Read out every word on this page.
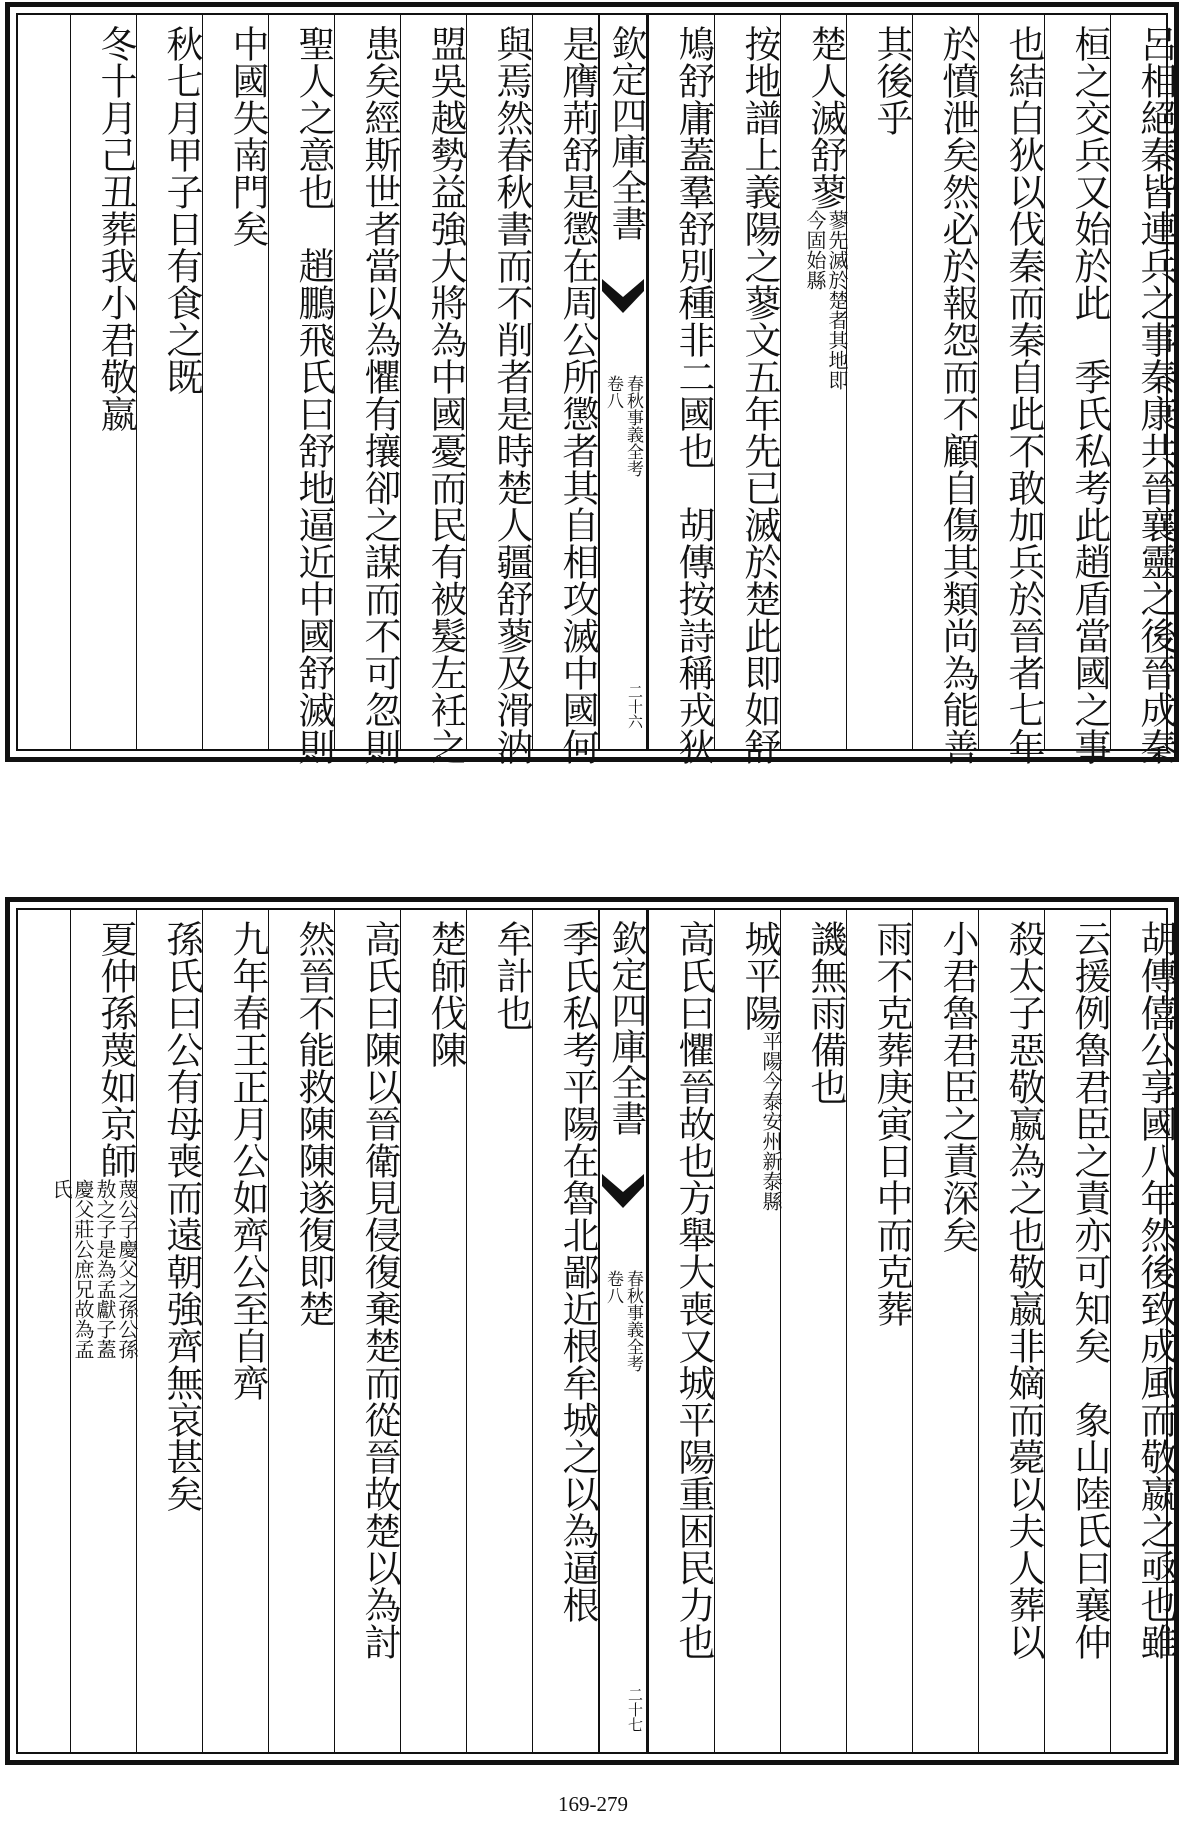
呂相絕秦皆連兵之事秦康共晉襄靈之後晉成秦
桓之交兵又始於此　季氏私考此趙盾當國之事
也結白狄以伐秦而秦自此不敢加兵於晉者七年
於憤泄矣然必於報怨而不顧自傷其類尚為能善
其後乎
楚人滅舒蓼蓼先滅於楚者其地即今固始縣
按地譜上義陽之蓼文五年先已滅於楚此即如舒
鳩舒庸蓋羣舒別種非二國也　胡傳按詩稱戎狄
欽定四庫全書
春秋事義全考
卷八
二十六
是膺荊舒是懲在周公所懲者其自相攻滅中國何
與焉然春秋書而不削者是時楚人疆舒蓼及滑汭
盟吳越勢益強大將為中國憂而民有被髮左衽之
患矣經斯世者當以為懼有攘卻之謀而不可忽則
聖人之意也　趙鵬飛氏曰舒地逼近中國舒滅則
中國失南門矣
秋七月甲子日有食之既
冬十月己丑葬我小君敬嬴
胡傳僖公享國八年然後致成風而敬嬴之亟也雖
云援例魯君臣之責亦可知矣　象山陸氏曰襄仲
殺太子惡敬嬴為之也敬嬴非嫡而薨以夫人葬以
小君魯君臣之責深矣
雨不克葬庚寅日中而克葬
譏無雨備也
城平陽平陽今泰安州新泰縣
高氏曰懼晉故也方舉大喪又城平陽重困民力也
欽定四庫全書
春秋事義全考
卷八
二十七
季氏私考平陽在魯北鄙近根牟城之以為逼根
牟計也
楚師伐陳
高氏曰陳以晉衛見侵復棄楚而從晉故楚以為討
然晉不能救陳陳遂復即楚
九年春王正月公如齊公至自齊
孫氏曰公有母喪而遠朝強齊無哀甚矣
夏仲孫蔑如京師蔑公子慶父之孫公孫敖之子是為孟獻子蓋慶父莊公庶兄故為孟氏
169-279
